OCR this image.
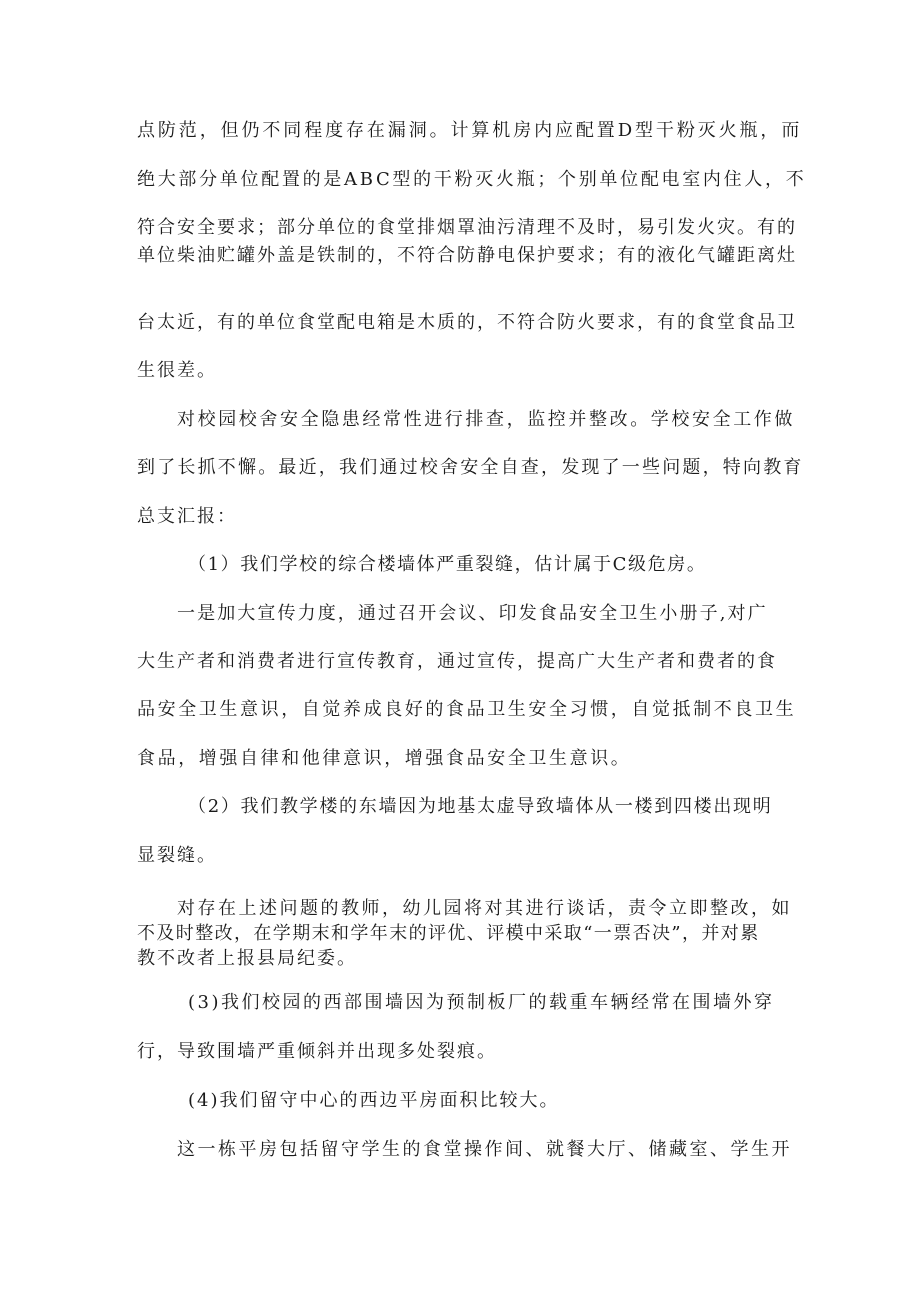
点防范，但仍不同程度存在漏洞。计算机房内应配置D型干粉灭火瓶，而
绝大部分单位配置的是ABC型的干粉灭火瓶；个别单位配电室内住人，不
符合安全要求；部分单位的食堂排烟罩油污清理不及时，易引发火灾。有的
单位柴油贮罐外盖是铁制的，不符合防静电保护要求；有的液化气罐距离灶
台太近，有的单位食堂配电箱是木质的，不符合防火要求，有的食堂食品卫
生很差。
对校园校舍安全隐患经常性进行排查，监控并整改。学校安全工作做
到了长抓不懈。最近，我们通过校舍安全自查，发现了一些问题，特向教育
总支汇报：
（1）我们学校的综合楼墙体严重裂缝，估计属于C级危房。
一是加大宣传力度，通过召开会议、印发食品安全卫生小册子,对广
大生产者和消费者进行宣传教育，通过宣传，提高广大生产者和费者的食
品安全卫生意识，自觉养成良好的食品卫生安全习惯，自觉抵制不良卫生
食品，增强自律和他律意识，增强食品安全卫生意识。
（2）我们教学楼的东墙因为地基太虚导致墙体从一楼到四楼出现明
显裂缝。
对存在上述问题的教师，幼儿园将对其进行谈话，责令立即整改，如
不及时整改，在学期末和学年末的评优、评模中采取“一票否决”，并对累
教不改者上报县局纪委。
(3)我们校园的西部围墙因为预制板厂的载重车辆经常在围墙外穿
行，导致围墙严重倾斜并出现多处裂痕。
(4)我们留守中心的西边平房面积比较大。
这一栋平房包括留守学生的食堂操作间、就餐大厅、储藏室、学生开
